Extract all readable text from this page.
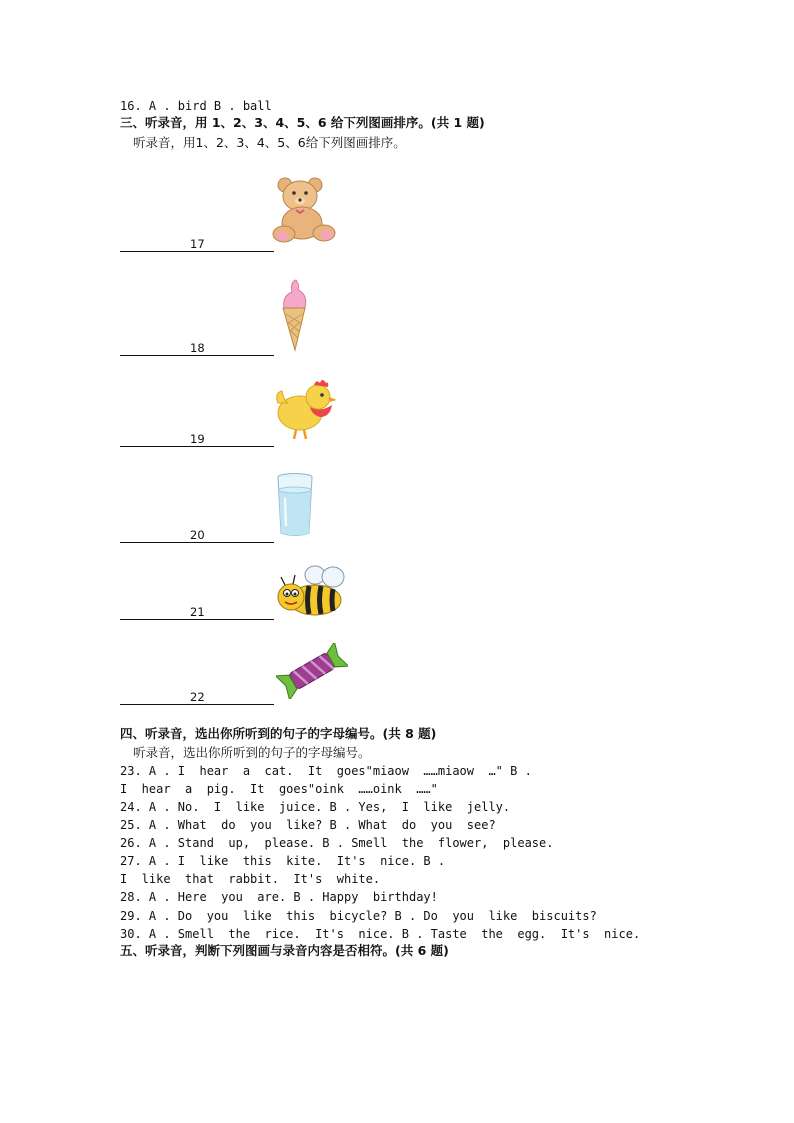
16. A . bird B . ball
三、听录音，用 1、2、3、4、5、6 给下列图画排序。(共 1 题)
听录音，用1、2、3、4、5、6给下列图画排序。
17
18
19
20
21
22
四、听录音，选出你所听到的句子的字母编号。(共 8 题)
听录音，选出你所听到的句子的字母编号。
23. A . I  hear  a  cat.  It  goes"miaow  ……miaow  …" B .
I  hear  a  pig.  It  goes"oink  ……oink  ……"
24. A . No.  I  like  juice. B . Yes,  I  like  jelly.
25. A . What  do  you  like? B . What  do  you  see?
26. A . Stand  up,  please. B . Smell  the  flower,  please.
27. A . I  like  this  kite.  It's  nice. B .
I  like  that  rabbit.  It's  white.
28. A . Here  you  are. B . Happy  birthday!
29. A . Do  you  like  this  bicycle? B . Do  you  like  biscuits?
30. A . Smell  the  rice.  It's  nice. B . Taste  the  egg.  It's  nice.
五、听录音，判断下列图画与录音内容是否相符。(共 6 题)
